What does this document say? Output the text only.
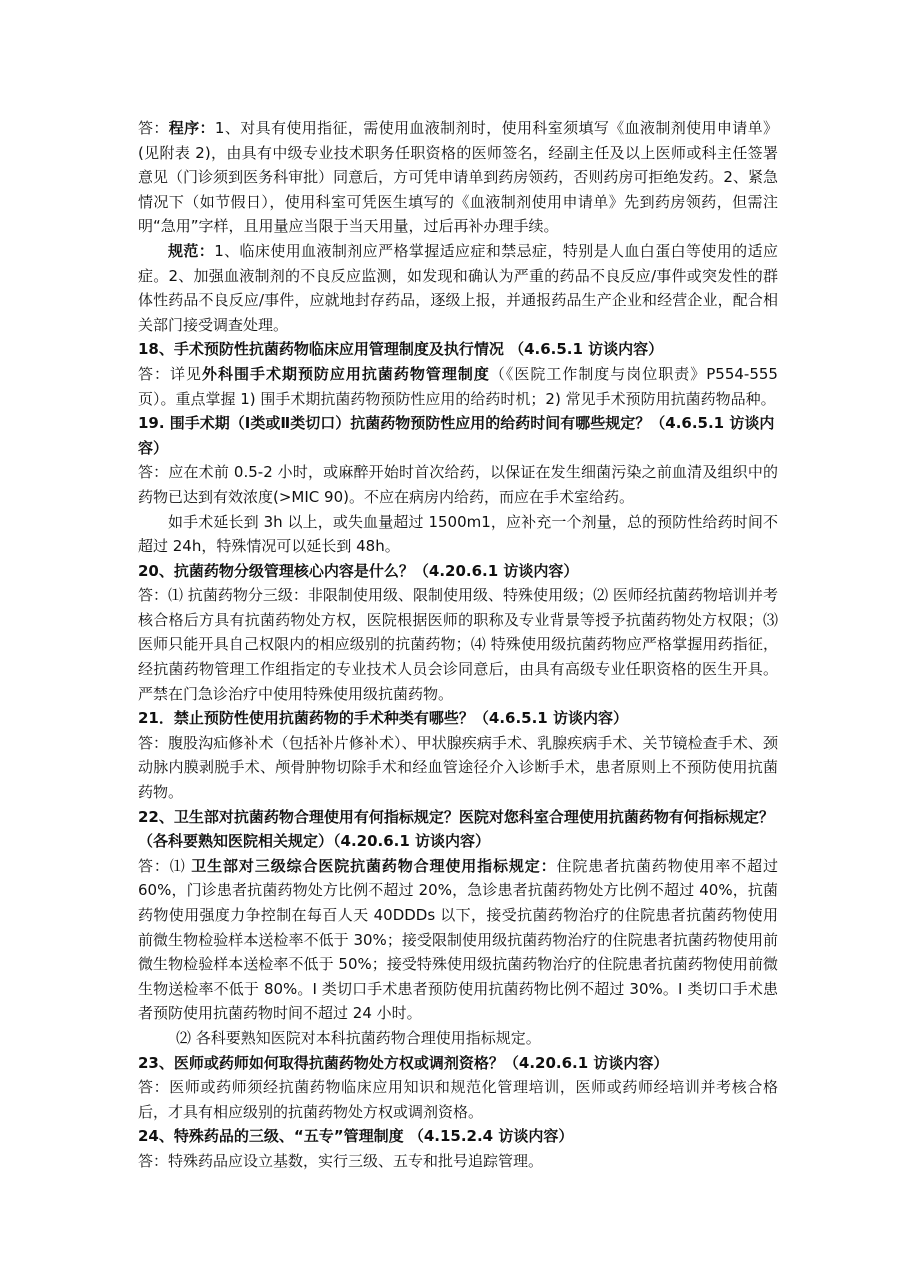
答：程序：1、对具有使用指征，需使用血液制剂时，使用科室须填写《血液制剂使用申请单》(见附表 2)，由具有中级专业技术职务任职资格的医师签名，经副主任及以上医师或科主任签署意见（门诊须到医务科审批）同意后，方可凭申请单到药房领药，否则药房可拒绝发药。2、紧急情况下（如节假日），使用科室可凭医生填写的《血液制剂使用申请单》先到药房领药，但需注明“急用”字样，且用量应当限于当天用量，过后再补办理手续。

规范：1、临床使用血液制剂应严格掌握适应症和禁忌症，特别是人血白蛋白等使用的适应症。2、加强血液制剂的不良反应监测，如发现和确认为严重的药品不良反应/事件或突发性的群体性药品不良反应/事件，应就地封存药品，逐级上报，并通报药品生产企业和经营企业，配合相关部门接受调查处理。

18、手术预防性抗菌药物临床应用管理制度及执行情况 （4.6.5.1 访谈内容）

答：详见外科围手术期预防应用抗菌药物管理制度（《医院工作制度与岗位职责》P554-555 页）。重点掌握 1) 围手术期抗菌药物预防性应用的给药时机；2) 常见手术预防用抗菌药物品种。

19. 围手术期（Ⅰ类或Ⅱ类切口）抗菌药物预防性应用的给药时间有哪些规定？（4.6.5.1 访谈内容）

答：应在术前 0.5-2 小时，或麻醉开始时首次给药，以保证在发生细菌污染之前血清及组织中的药物已达到有效浓度(>MIC 90)。不应在病房内给药，而应在手术室给药。

如手术延长到 3h 以上，或失血量超过 1500m1，应补充一个剂量，总的预防性给药时间不超过 24h，特殊情况可以延长到 48h。

20、抗菌药物分级管理核心内容是什么？（4.20.6.1 访谈内容）

答：⑴ 抗菌药物分三级：非限制使用级、限制使用级、特殊使用级；⑵ 医师经抗菌药物培训并考核合格后方具有抗菌药物处方权，医院根据医师的职称及专业背景等授予抗菌药物处方权限；⑶ 医师只能开具自己权限内的相应级别的抗菌药物；⑷ 特殊使用级抗菌药物应严格掌握用药指征，经抗菌药物管理工作组指定的专业技术人员会诊同意后，由具有高级专业任职资格的医生开具。严禁在门急诊治疗中使用特殊使用级抗菌药物。

21．禁止预防性使用抗菌药物的手术种类有哪些？（4.6.5.1 访谈内容）

答：腹股沟疝修补术（包括补片修补术）、甲状腺疾病手术、乳腺疾病手术、关节镜检查手术、颈动脉内膜剥脱手术、颅骨肿物切除手术和经血管途径介入诊断手术，患者原则上不预防使用抗菌药物。

22、卫生部对抗菌药物合理使用有何指标规定？医院对您科室合理使用抗菌药物有何指标规定？（各科要熟知医院相关规定）（4.20.6.1 访谈内容）

答：⑴ 卫生部对三级综合医院抗菌药物合理使用指标规定：住院患者抗菌药物使用率不超过 60%，门诊患者抗菌药物处方比例不超过 20%，急诊患者抗菌药物处方比例不超过 40%，抗菌药物使用强度力争控制在每百人天 40DDDs 以下，接受抗菌药物治疗的住院患者抗菌药物使用前微生物检验样本送检率不低于 30%；接受限制使用级抗菌药物治疗的住院患者抗菌药物使用前微生物检验样本送检率不低于 50%；接受特殊使用级抗菌药物治疗的住院患者抗菌药物使用前微生物送检率不低于 80%。I 类切口手术患者预防使用抗菌药物比例不超过 30%。I 类切口手术患者预防使用抗菌药物时间不超过 24 小时。

⑵ 各科要熟知医院对本科抗菌药物合理使用指标规定。

23、医师或药师如何取得抗菌药物处方权或调剂资格？（4.20.6.1 访谈内容）

答：医师或药师须经抗菌药物临床应用知识和规范化管理培训，医师或药师经培训并考核合格后，才具有相应级别的抗菌药物处方权或调剂资格。

24、特殊药品的三级、“五专”管理制度 （4.15.2.4 访谈内容）

答：特殊药品应设立基数，实行三级、五专和批号追踪管理。
